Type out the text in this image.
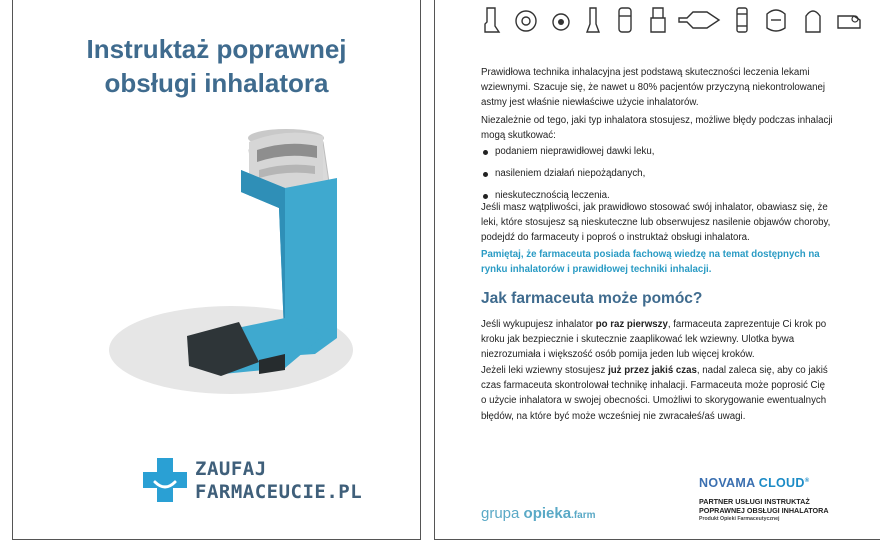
Instruktaż poprawnej
obsługi inhalatora
ZAUFAJ
FARMACEUCIE.PL

Prawidłowa technika inhalacyjna jest podstawą skuteczności leczenia lekami wziewnymi. Szacuje się, że nawet u 80% pacjentów przyczyną niekontrolowanej astmy jest właśnie niewłaściwe użycie inhalatorów.

Niezależnie od tego, jaki typ inhalatora stosujesz, możliwe błędy podczas inhalacji mogą skutkować:

podaniem nieprawidłowej dawki leku,
nasileniem działań niepożądanych,
nieskutecznością leczenia.

Jeśli masz wątpliwości, jak prawidłowo stosować swój inhalator, obawiasz się, że leki, które stosujesz są nieskuteczne lub obserwujesz nasilenie objawów choroby, podejdź do farmaceuty i poproś o instruktaż obsługi inhalatora.

Pamiętaj, że farmaceuta posiada fachową wiedzę na temat dostępnych na rynku inhalatorów i prawidłowej techniki inhalacji.

Jak farmaceuta może pomóc?

Jeśli wykupujesz inhalator po raz pierwszy, farmaceuta zaprezentuje Ci krok po kroku jak bezpiecznie i skutecznie zaaplikować lek wziewny. Ulotka bywa niezrozumiała i większość osób pomija jeden lub więcej kroków.

Jeżeli leki wziewny stosujesz już przez jakiś czas, nadal zaleca się, aby co jakiś czas farmaceuta skontrolował technikę inhalacji. Farmaceuta może poprosić Cię o użycie inhalatora w swojej obecności. Umożliwi to skorygowanie ewentualnych błędów, na które być może wcześniej nie zwracałeś/aś uwagi.

grupa opieka.farm
NOVAMA CLOUD®
PARTNER USŁUGI INSTRUKTAŻ
POPRAWNEJ OBSŁUGI INHALATORA
Produkt Opieki Farmaceutycznej
